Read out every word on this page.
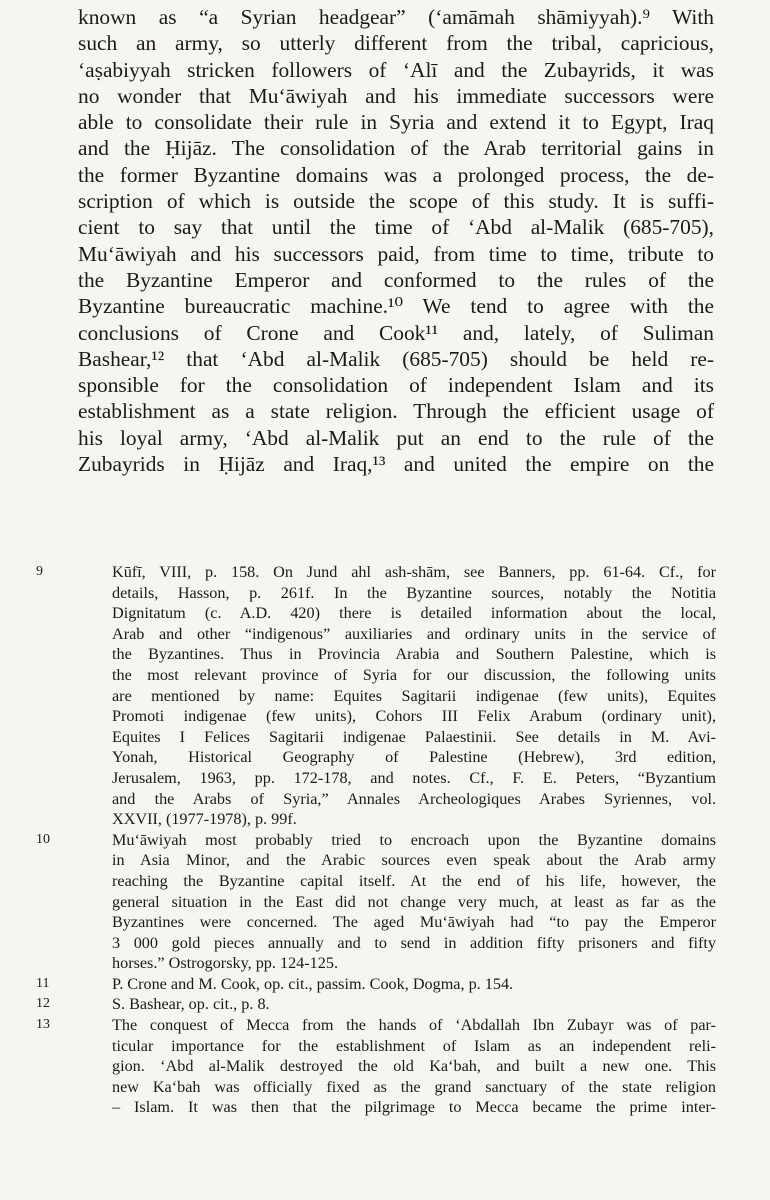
known as “a Syrian headgear” (‘amāmah shāmiyyah).⁹ With
such an army, so utterly different from the tribal, capricious,
‘aṣabiyyah stricken followers of ‘Alī and the Zubayrids, it was
no wonder that Mu‘āwiyah and his immediate successors were
able to consolidate their rule in Syria and extend it to Egypt, Iraq
and the Ḥijāz. The consolidation of the Arab territorial gains in
the former Byzantine domains was a prolonged process, the de-
scription of which is outside the scope of this study. It is suffi-
cient to say that until the time of ‘Abd al-Malik (685-705),
Mu‘āwiyah and his successors paid, from time to time, tribute to
the Byzantine Emperor and conformed to the rules of the
Byzantine bureaucratic machine.¹⁰ We tend to agree with the
conclusions of Crone and Cook¹¹ and, lately, of Suliman
Bashear,¹² that ‘Abd al-Malik (685-705) should be held re-
sponsible for the consolidation of independent Islam and its
establishment as a state religion. Through the efficient usage of
his loyal army, ‘Abd al-Malik put an end to the rule of the
Zubayrids in Ḥijāz and Iraq,¹³ and united the empire on the
9	Kūfī, VIII, p. 158. On Jund ahl ash-shām, see Banners, pp. 61-64. Cf., for
details, Hasson, p. 261f. In the Byzantine sources, notably the Notitia
Dignitatum (c. A.D. 420) there is detailed information about the local,
Arab and other “indigenous” auxiliaries and ordinary units in the service of
the Byzantines. Thus in Provincia Arabia and Southern Palestine, which is
the most relevant province of Syria for our discussion, the following units
are mentioned by name: Equites Sagitarii indigenae (few units), Equites
Promoti indigenae (few units), Cohors III Felix Arabum (ordinary unit),
Equites I Felices Sagitarii indigenae Palaestinii. See details in M. Avi-
Yonah, Historical Geography of Palestine (Hebrew), 3rd edition,
Jerusalem, 1963, pp. 172-178, and notes. Cf., F. E. Peters, “Byzantium
and the Arabs of Syria,” Annales Archeologiques Arabes Syriennes, vol.
XXVII, (1977-1978), p. 99f.
10	Mu‘āwiyah most probably tried to encroach upon the Byzantine domains
in Asia Minor, and the Arabic sources even speak about the Arab army
reaching the Byzantine capital itself. At the end of his life, however, the
general situation in the East did not change very much, at least as far as the
Byzantines were concerned. The aged Mu‘āwiyah had “to pay the Emperor
3 000 gold pieces annually and to send in addition fifty prisoners and fifty
horses.” Ostrogorsky, pp. 124-125.
11	P. Crone and M. Cook, op. cit., passim. Cook, Dogma, p. 154.
12	S. Bashear, op. cit., p. 8.
13	The conquest of Mecca from the hands of ‘Abdallah Ibn Zubayr was of par-
ticular importance for the establishment of Islam as an independent reli-
gion. ‘Abd al-Malik destroyed the old Ka‘bah, and built a new one. This
new Ka‘bah was officially fixed as the grand sanctuary of the state religion
– Islam. It was then that the pilgrimage to Mecca became the prime inter-
